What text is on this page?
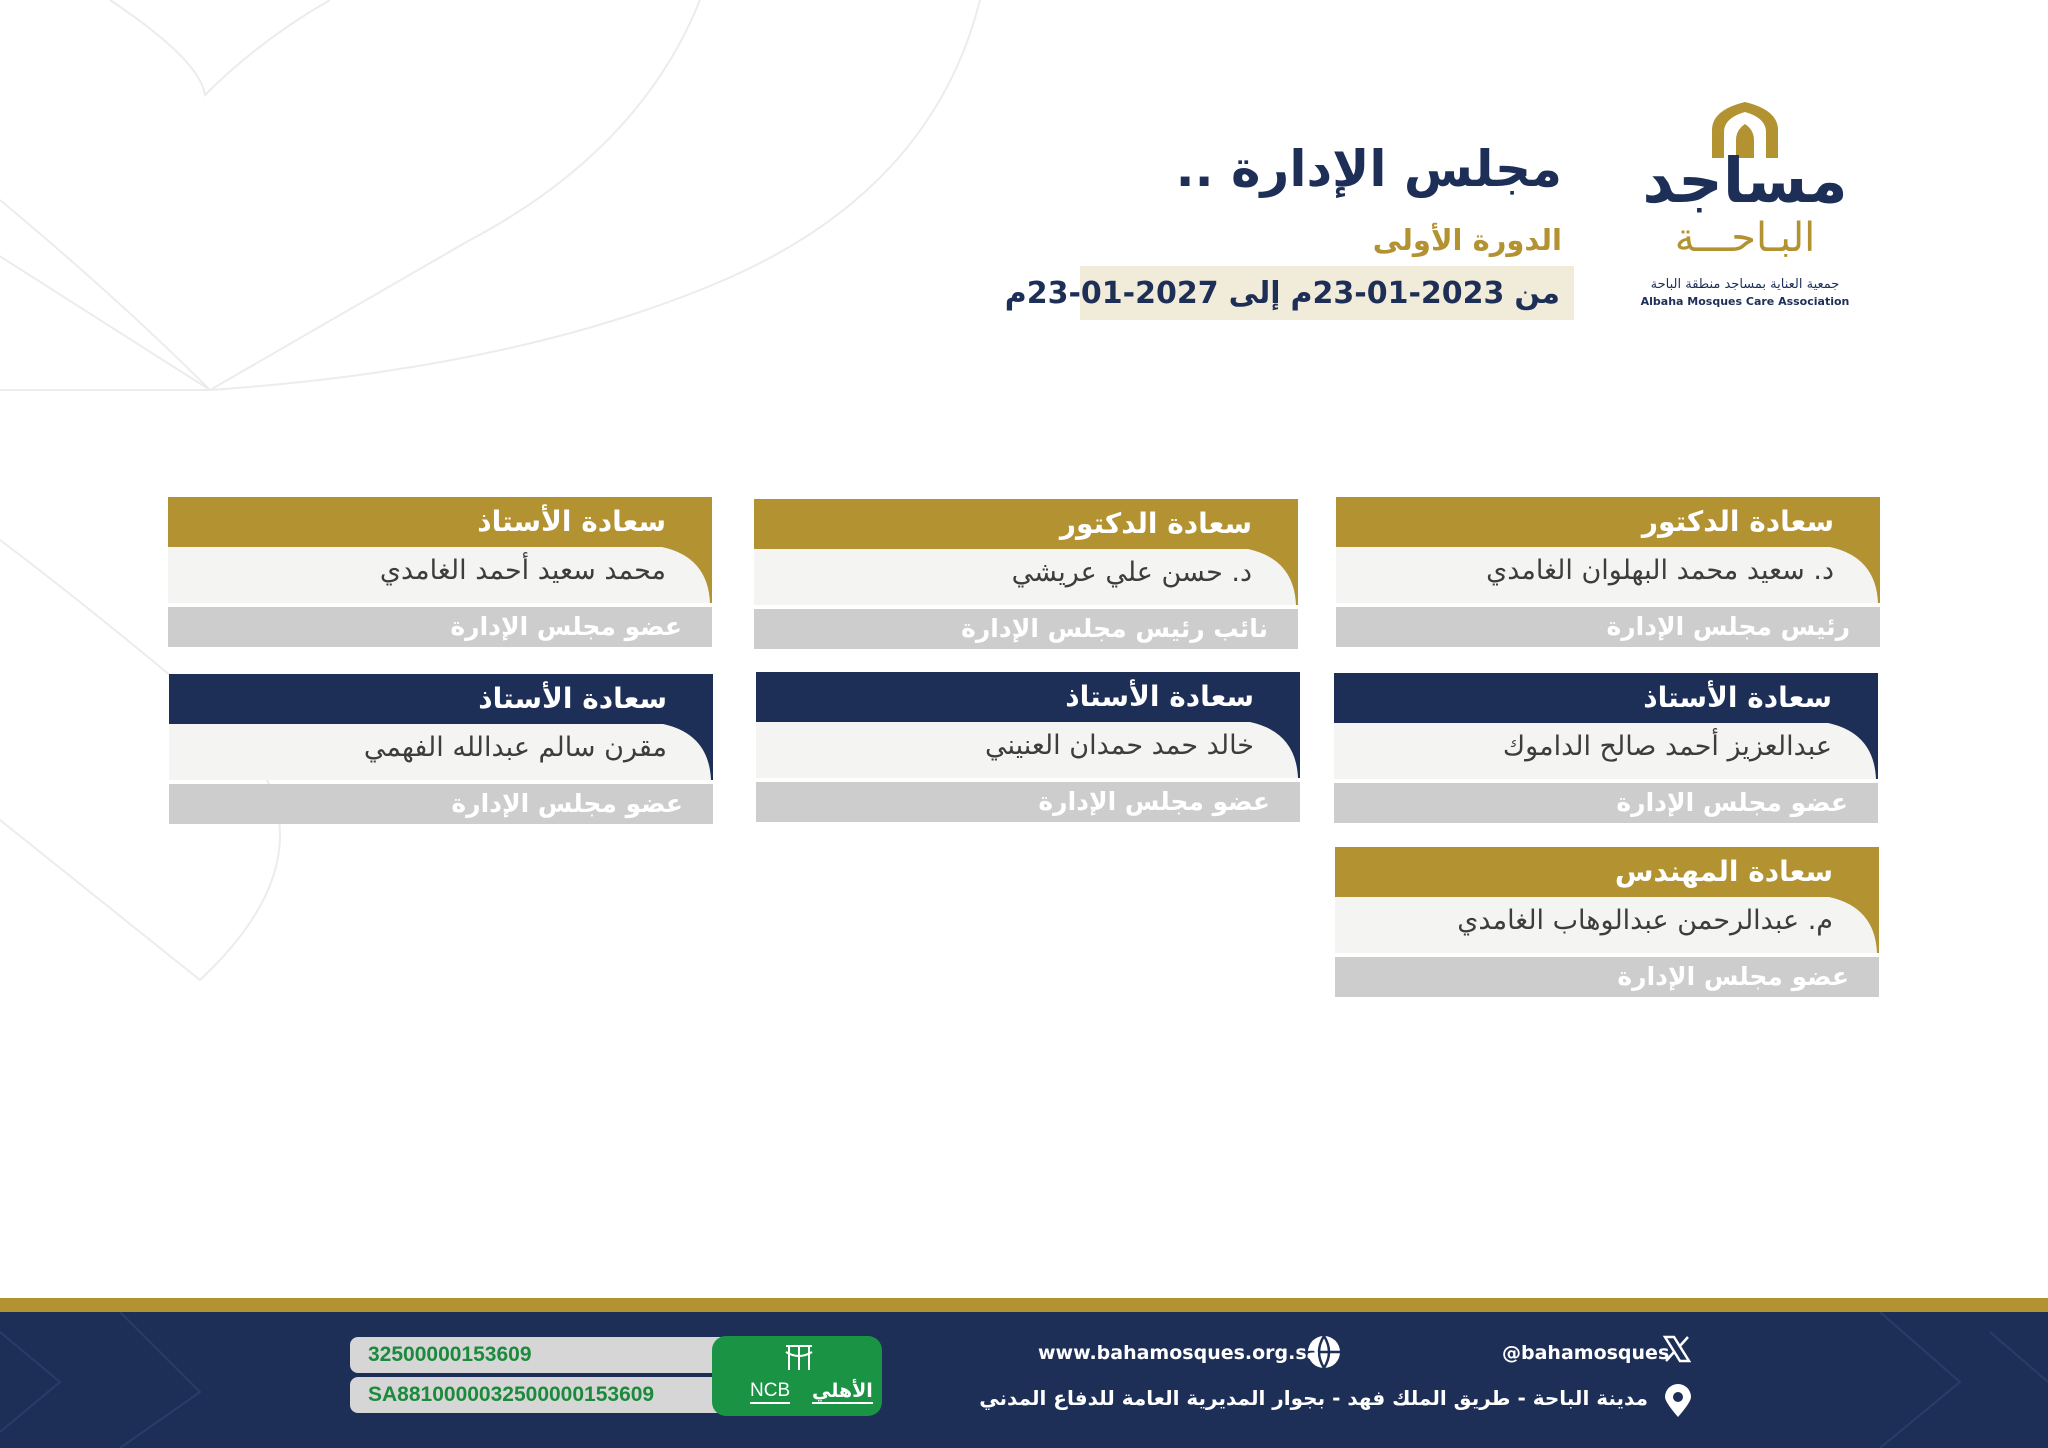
مساجد
البـاحـــة
جمعية العناية بمساجد منطقة الباحة
Albaha Mosques Care Association
مجلس الإدارة ..
الدورة الأولى
من
23-01-2023م
إلى
23-01-2027م
سعادة الدكتور
د. سعيد محمد البهلوان الغامدي
رئيس مجلس الإدارة
سعادة الدكتور
د. حسن علي عريشي
نائب رئيس مجلس الإدارة
سعادة الأستاذ
محمد سعيد أحمد الغامدي
عضو مجلس الإدارة
سعادة الأستاذ
عبدالعزيز أحمد صالح الداموك
عضو مجلس الإدارة
سعادة الأستاذ
خالد حمد حمدان العنيني
عضو مجلس الإدارة
سعادة الأستاذ
مقرن سالم عبدالله الفهمي
عضو مجلس الإدارة
سعادة المهندس
م. عبدالرحمن عبدالوهاب الغامدي
عضو مجلس الإدارة
@bahamosques
www.bahamosques.org.sa
مدينة الباحة - طريق الملك فهد - بجوار المديرية العامة للدفاع المدني
32500000153609
SA8810000032500000153609	NCB الأهلي
